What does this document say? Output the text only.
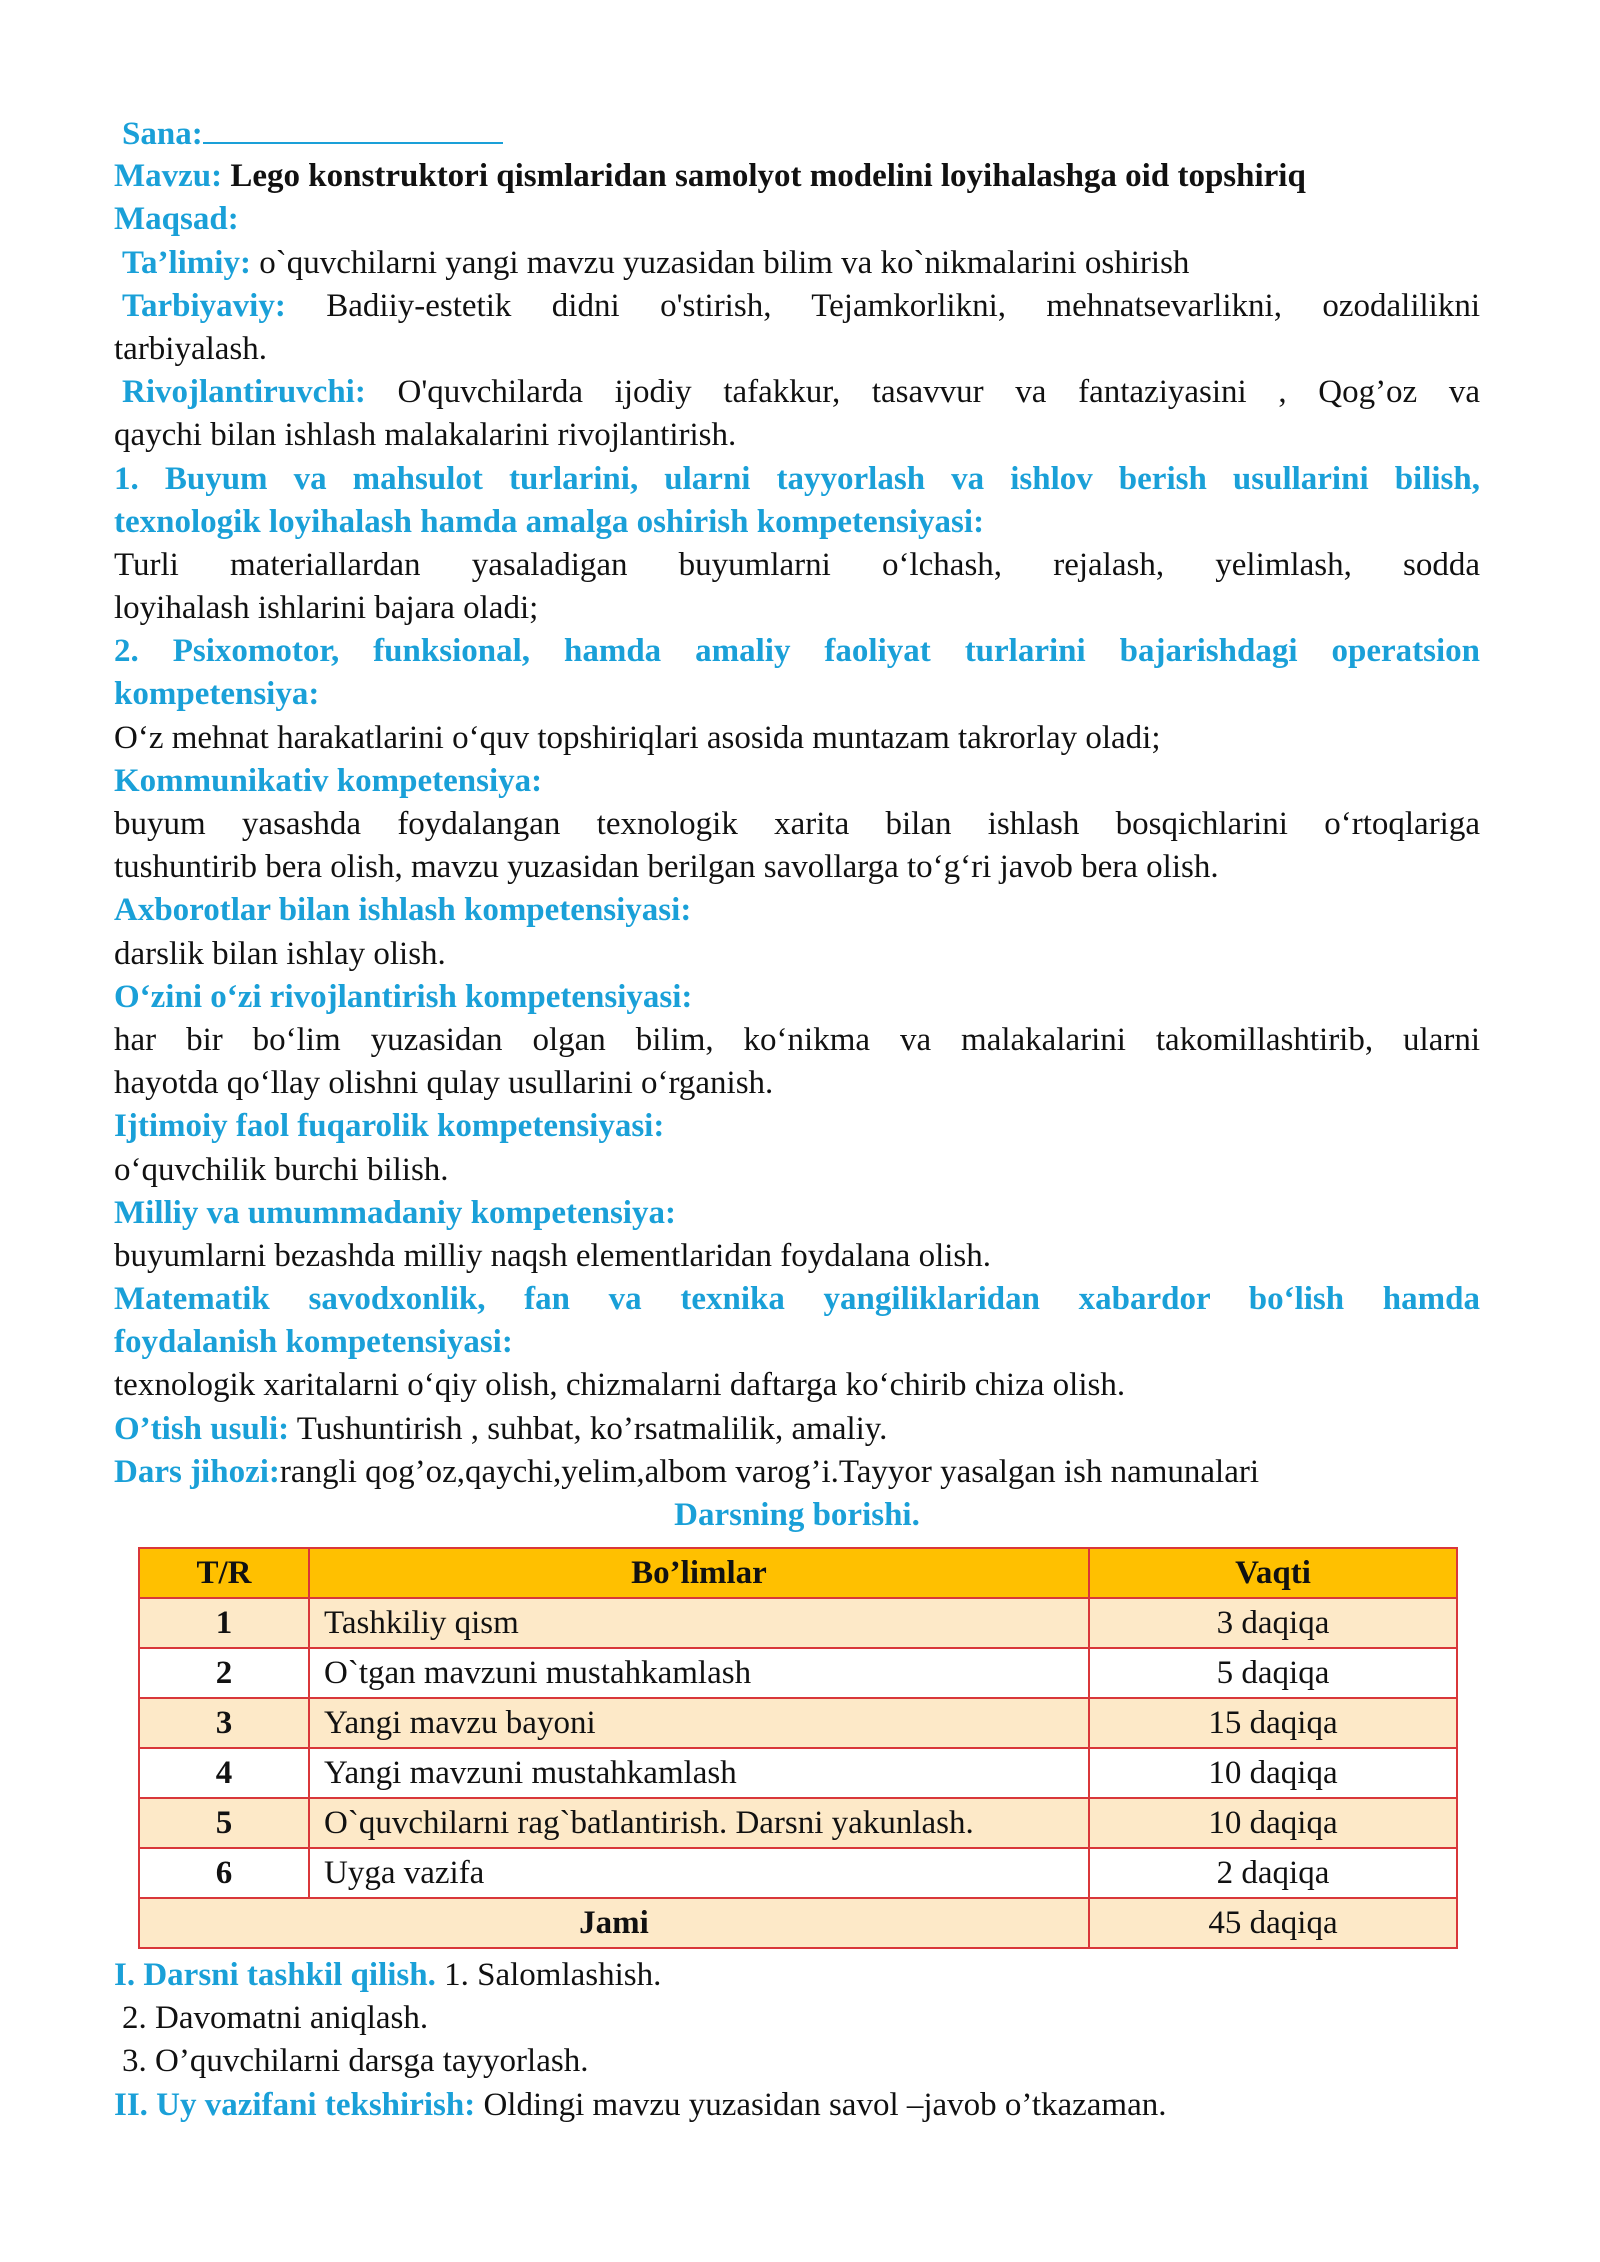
Sana:
Mavzu: Lego konstruktori qismlaridan samolyot modelini loyihalashga oid topshiriq
Maqsad:
Ta’limiy: o`quvchilarni yangi mavzu yuzasidan bilim va ko`nikmalarini oshirish
Tarbiyaviy: Badiiy-estetik didni o'stirish, Tejamkorlikni, mehnatsevarlikni, ozodalilikni
tarbiyalash.
Rivojlantiruvchi: O'quvchilarda ijodiy tafakkur, tasavvur va fantaziyasini , Qog’oz va
qaychi bilan ishlash malakalarini rivojlantirish.
1. Buyum va mahsulot turlarini, ularni tayyorlash va ishlov berish usullarini bilish,
texnologik loyihalash hamda amalga oshirish kompetensiyasi:
Turli materiallardan yasaladigan buyumlarni o‘lchash, rejalash, yelimlash, sodda
loyihalash ishlarini bajara oladi;
2. Psixomotor, funksional, hamda amaliy faoliyat turlarini bajarishdagi operatsion
kompetensiya:
O‘z mehnat harakatlarini o‘quv topshiriqlari asosida muntazam takrorlay oladi;
Kommunikativ kompetensiya:
buyum yasashda foydalangan texnologik xarita bilan ishlash bosqichlarini o‘rtoqlariga
tushuntirib bera olish, mavzu yuzasidan berilgan savollarga to‘g‘ri javob bera olish.
Axborotlar bilan ishlash kompetensiyasi:
darslik bilan ishlay olish.
O‘zini o‘zi rivojlantirish kompetensiyasi:
har bir bo‘lim yuzasidan olgan bilim, ko‘nikma va malakalarini takomillashtirib, ularni
hayotda qo‘llay olishni qulay usullarini o‘rganish.
Ijtimoiy faol fuqarolik kompetensiyasi:
o‘quvchilik burchi bilish.
Milliy va umummadaniy kompetensiya:
buyumlarni bezashda milliy naqsh elementlaridan foydalana olish.
Matematik savodxonlik, fan va texnika yangiliklaridan xabardor bo‘lish hamda
foydalanish kompetensiyasi:
texnologik xaritalarni o‘qiy olish, chizmalarni daftarga ko‘chirib chiza olish.
O’tish usuli: Tushuntirish , suhbat, ko’rsatmalilik, amaliy.
Dars jihozi:rangli qog’oz,qaychi,yelim,albom varog’i.Tayyor yasalgan ish namunalari
Darsning borishi.
T/R	Bo’limlar	Vaqti
1	Tashkiliy qism	3 daqiqa
2	O`tgan mavzuni mustahkamlash	5 daqiqa
3	Yangi mavzu bayoni	15 daqiqa
4	Yangi mavzuni mustahkamlash	10 daqiqa
5	O`quvchilarni rag`batlantirish. Darsni yakunlash.	10 daqiqa
6	Uyga vazifa	2 daqiqa
Jami		45 daqiqa
I. Darsni tashkil qilish. 1. Salomlashish.
2. Davomatni aniqlash.
3. O’quvchilarni darsga tayyorlash.
II. Uy vazifani tekshirish: Oldingi mavzu yuzasidan savol –javob o’tkazaman.
